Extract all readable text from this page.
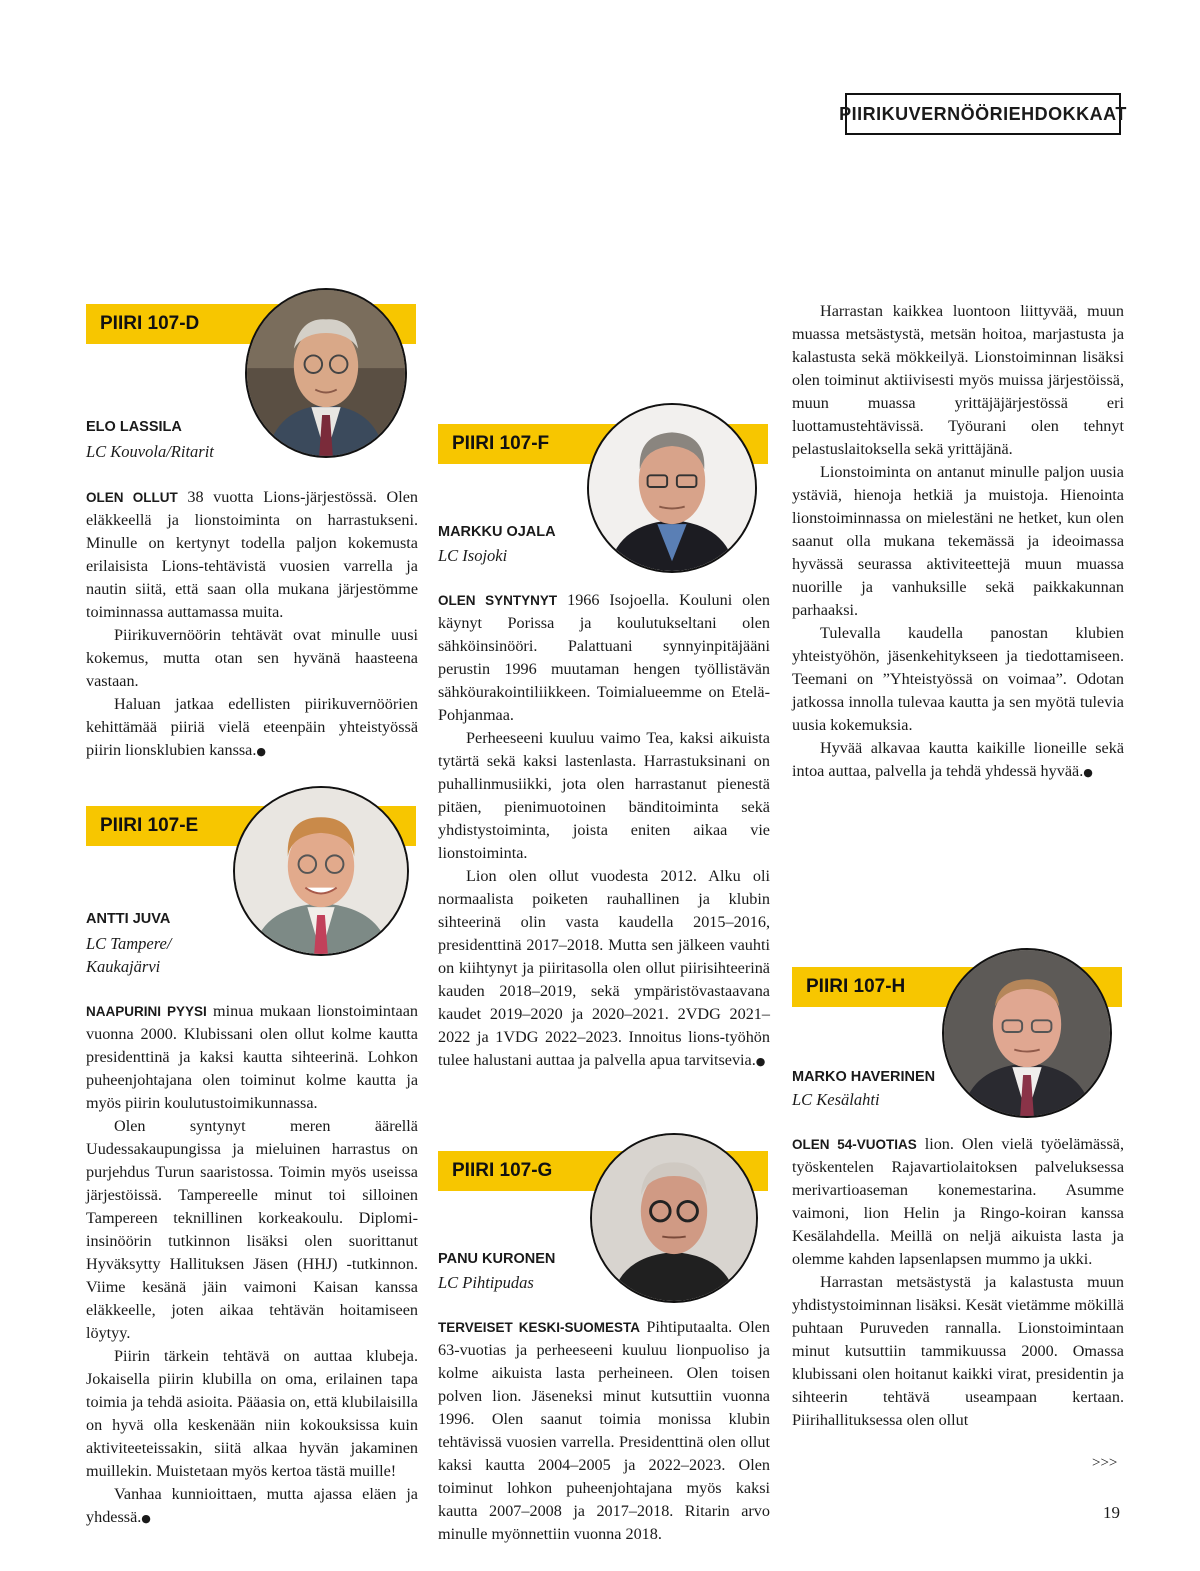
PIIRIKUVERNÖÖRIEHDOKKAAT
PIIRI 107-D
ELO LASSILA
LC Kouvola/Ritarit

OLEN OLLUT 38 vuotta Lions-järjestössä. Olen eläkkeellä ja lionstoiminta on harrastukseni. Minulle on kertynyt todella paljon kokemusta erilaisista Lions-tehtävistä vuosien varrella ja nautin siitä, että saan olla mukana järjestömme toiminnassa auttamassa muita.

Piirikuvernöörin tehtävät ovat minulle uusi kokemus, mutta otan sen hyvänä haasteena vastaan.

Haluan jatkaa edellisten piirikuvernöörien kehittämää piiriä vielä eteenpäin yhteistyössä piirin lionsklubien kanssa.●

PIIRI 107-E
ANTTI JUVA
LC Tampere/ Kaukajärvi

NAAPURINI PYYSI minua mukaan lionstoimintaan vuonna 2000. Klubissani olen ollut kolme kautta presidenttinä ja kaksi kautta sihteerinä. Lohkon puheenjohtajana olen toiminut kolme kautta ja myös piirin koulutustoimikunnassa.

Olen syntynyt meren äärellä Uudessakaupungissa ja mieluinen harrastus on purjehdus Turun saaristossa. Toimin myös useissa järjestöissä. Tampereelle minut toi silloinen Tampereen teknillinen korkeakoulu. Diplomi-insinöörin tutkinnon lisäksi olen suorittanut Hyväksytty Hallituksen Jäsen (HHJ) -tutkinnon. Viime kesänä jäin vaimoni Kaisan kanssa eläkkeelle, joten aikaa tehtävän hoitamiseen löytyy.

Piirin tärkein tehtävä on auttaa klubeja. Jokaisella piirin klubilla on oma, erilainen tapa toimia ja tehdä asioita. Pääasia on, että klubilaisilla on hyvä olla keskenään niin kokouksissa kuin aktiviteeteissakin, siitä alkaa hyvän jakaminen muillekin. Muistetaan myös kertoa tästä muille!

Vanhaa kunnioittaen, mutta ajassa eläen ja yhdessä.●

PIIRI 107-F
MARKKU OJALA
LC Isojoki

OLEN SYNTYNYT 1966 Isojoella. Kouluni olen käynyt Porissa ja koulutukseltani olen sähköinsinööri. Palattuani synnyinpitäjääni perustin 1996 muutaman hengen työllistävän sähköurakointiliikkeen. Toimialueemme on Etelä-Pohjanmaa.

Perheeseeni kuuluu vaimo Tea, kaksi aikuista tytärtä sekä kaksi lastenlasta. Harrastuksinani on puhallinmusiikki, jota olen harrastanut pienestä pitäen, pienimuotoinen bänditoiminta sekä yhdistystoiminta, joista eniten aikaa vie lionstoiminta.

Lion olen ollut vuodesta 2012. Alku oli normaalista poiketen rauhallinen ja klubin sihteerinä olin vasta kaudella 2015–2016, presidenttinä 2017–2018. Mutta sen jälkeen vauhti on kiihtynyt ja piiritasolla olen ollut piirisihteerinä kauden 2018–2019, sekä ympäristövastaavana kaudet 2019–2020 ja 2020–2021. 2VDG 2021–2022 ja 1VDG 2022–2023. Innoitus lions-työhön tulee halustani auttaa ja palvella apua tarvitsevia.●

PIIRI 107-G
PANU KURONEN
LC Pihtipudas

TERVEISET KESKI-SUOMESTA Pihtiputaalta. Olen 63-vuotias ja perheeseeni kuuluu lionpuoliso ja kolme aikuista lasta perheineen. Olen toisen polven lion. Jäseneksi minut kutsuttiin vuonna 1996. Olen saanut toimia monissa klubin tehtävissä vuosien varrella. Presidenttinä olen ollut kaksi kautta 2004–2005 ja 2022–2023. Olen toiminut lohkon puheenjohtajana myös kaksi kautta 2007–2008 ja 2017–2018. Ritarin arvo minulle myönnettiin vuonna 2018.

Harrastan kaikkea luontoon liittyvää, muun muassa metsästystä, metsän hoitoa, marjastusta ja kalastusta sekä mökkeilyä. Lionstoiminnan lisäksi olen toiminut aktiivisesti myös muissa järjestöissä, muun muassa yrittäjäjärjestössä eri luottamustehtävissä. Työurani olen tehnyt pelastuslaitoksella sekä yrittäjänä.

Lionstoiminta on antanut minulle paljon uusia ystäviä, hienoja hetkiä ja muistoja. Hienointa lionstoiminnassa on mielestäni ne hetket, kun olen saanut olla mukana tekemässä ja ideoimassa hyvässä seurassa aktiviteettejä muun muassa nuorille ja vanhuksille sekä paikkakunnan parhaaksi.

Tulevalla kaudella panostan klubien yhteistyöhön, jäsenkehitykseen ja tiedottamiseen. Teemani on ”Yhteistyössä on voimaa”. Odotan jatkossa innolla tulevaa kautta ja sen myötä tulevia uusia kokemuksia.

Hyvää alkavaa kautta kaikille lioneille sekä intoa auttaa, palvella ja tehdä yhdessä hyvää.●

PIIRI 107-H
MARKO HAVERINEN
LC Kesälahti

OLEN 54-VUOTIAS lion. Olen vielä työelämässä, työskentelen Rajavartiolaitoksen palveluksessa merivartioaseman konemestarina. Asumme vaimoni, lion Helin ja Ringo-koiran kanssa Kesälahdella. Meillä on neljä aikuista lasta ja olemme kahden lapsenlapsen mummo ja ukki.

Harrastan metsästystä ja kalastusta muun yhdistystoiminnan lisäksi. Kesät vietämme mökillä puhtaan Puruveden rannalla. Lionstoimintaan minut kutsuttiin tammikuussa 2000. Omassa klubissani olen hoitanut kaikki virat, presidentin ja sihteerin tehtävä useampaan kertaan. Piirihallituksessa olen ollut

>>>
19
